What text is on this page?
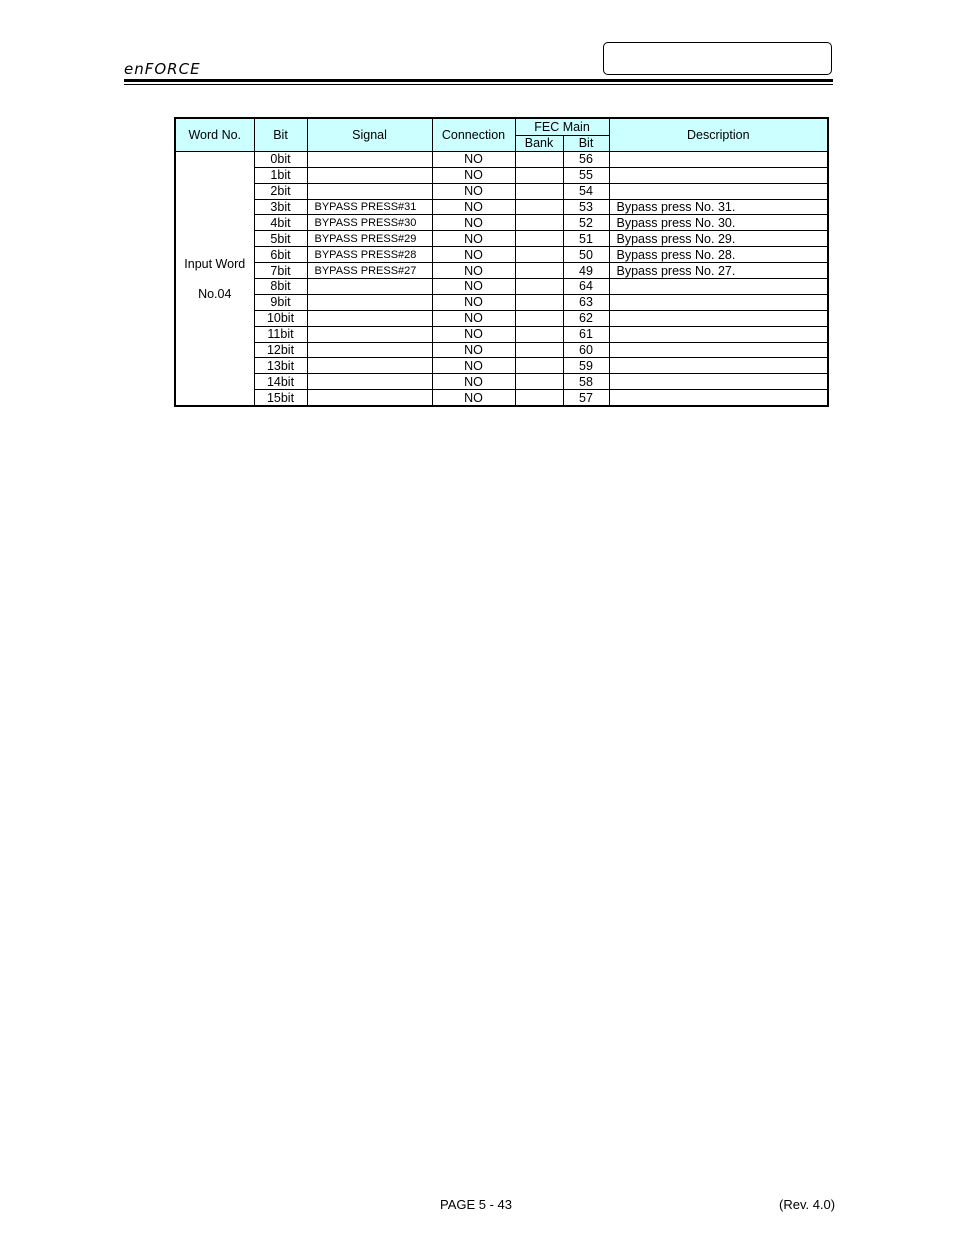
enFORCE
Word No.	Bit	Signal	Connection	FEC Main		Description
				Bank	Bit	

Input Word
No.04	0bit		NO		56	
	1bit		NO		55	
	2bit		NO		54	
	3bit	BYPASS PRESS#31	NO		53	Bypass press No. 31.
	4bit	BYPASS PRESS#30	NO		52	Bypass press No. 30.
	5bit	BYPASS PRESS#29	NO		51	Bypass press No. 29.
	6bit	BYPASS PRESS#28	NO		50	Bypass press No. 28.
	7bit	BYPASS PRESS#27	NO		49	Bypass press No. 27.
	8bit		NO		64	
	9bit		NO		63	
	10bit		NO		62	
	11bit		NO		61	
	12bit		NO		60	
	13bit		NO		59	
	14bit		NO		58	
	15bit		NO		57	
PAGE 5 - 43	(Rev. 4.0)
